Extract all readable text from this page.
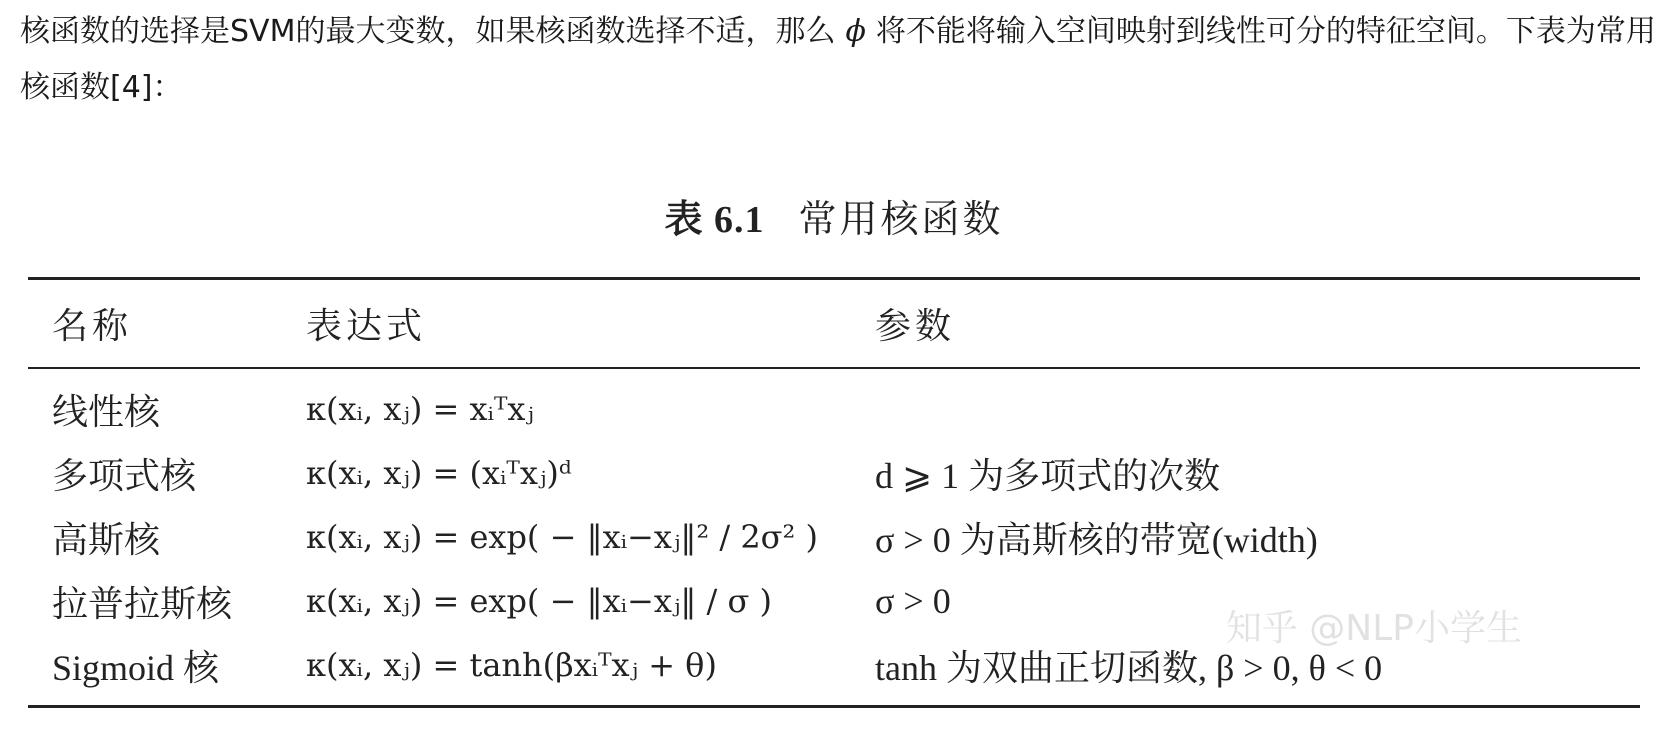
核函数的选择是SVM的最大变数，如果核函数选择不适，那么 ϕ 将不能将输入空间映射到线性可分的特征空间。下表为常用核函数[4]：
表 6.1 常用核函数
名称	表达式	参数
线性核	κ(xᵢ, xⱼ) = xᵢᵀxⱼ	
多项式核	κ(xᵢ, xⱼ) = (xᵢᵀxⱼ)ᵈ	d ⩾ 1 为多项式的次数
高斯核	κ(xᵢ, xⱼ) = exp( − ‖xᵢ−xⱼ‖² / 2σ² )	σ > 0 为高斯核的带宽(width)
拉普拉斯核	κ(xᵢ, xⱼ) = exp( − ‖xᵢ−xⱼ‖ / σ )	σ > 0
Sigmoid 核	κ(xᵢ, xⱼ) = tanh(βxᵢᵀxⱼ + θ)	tanh 为双曲正切函数, β > 0, θ < 0
知乎 @NLP小学生
